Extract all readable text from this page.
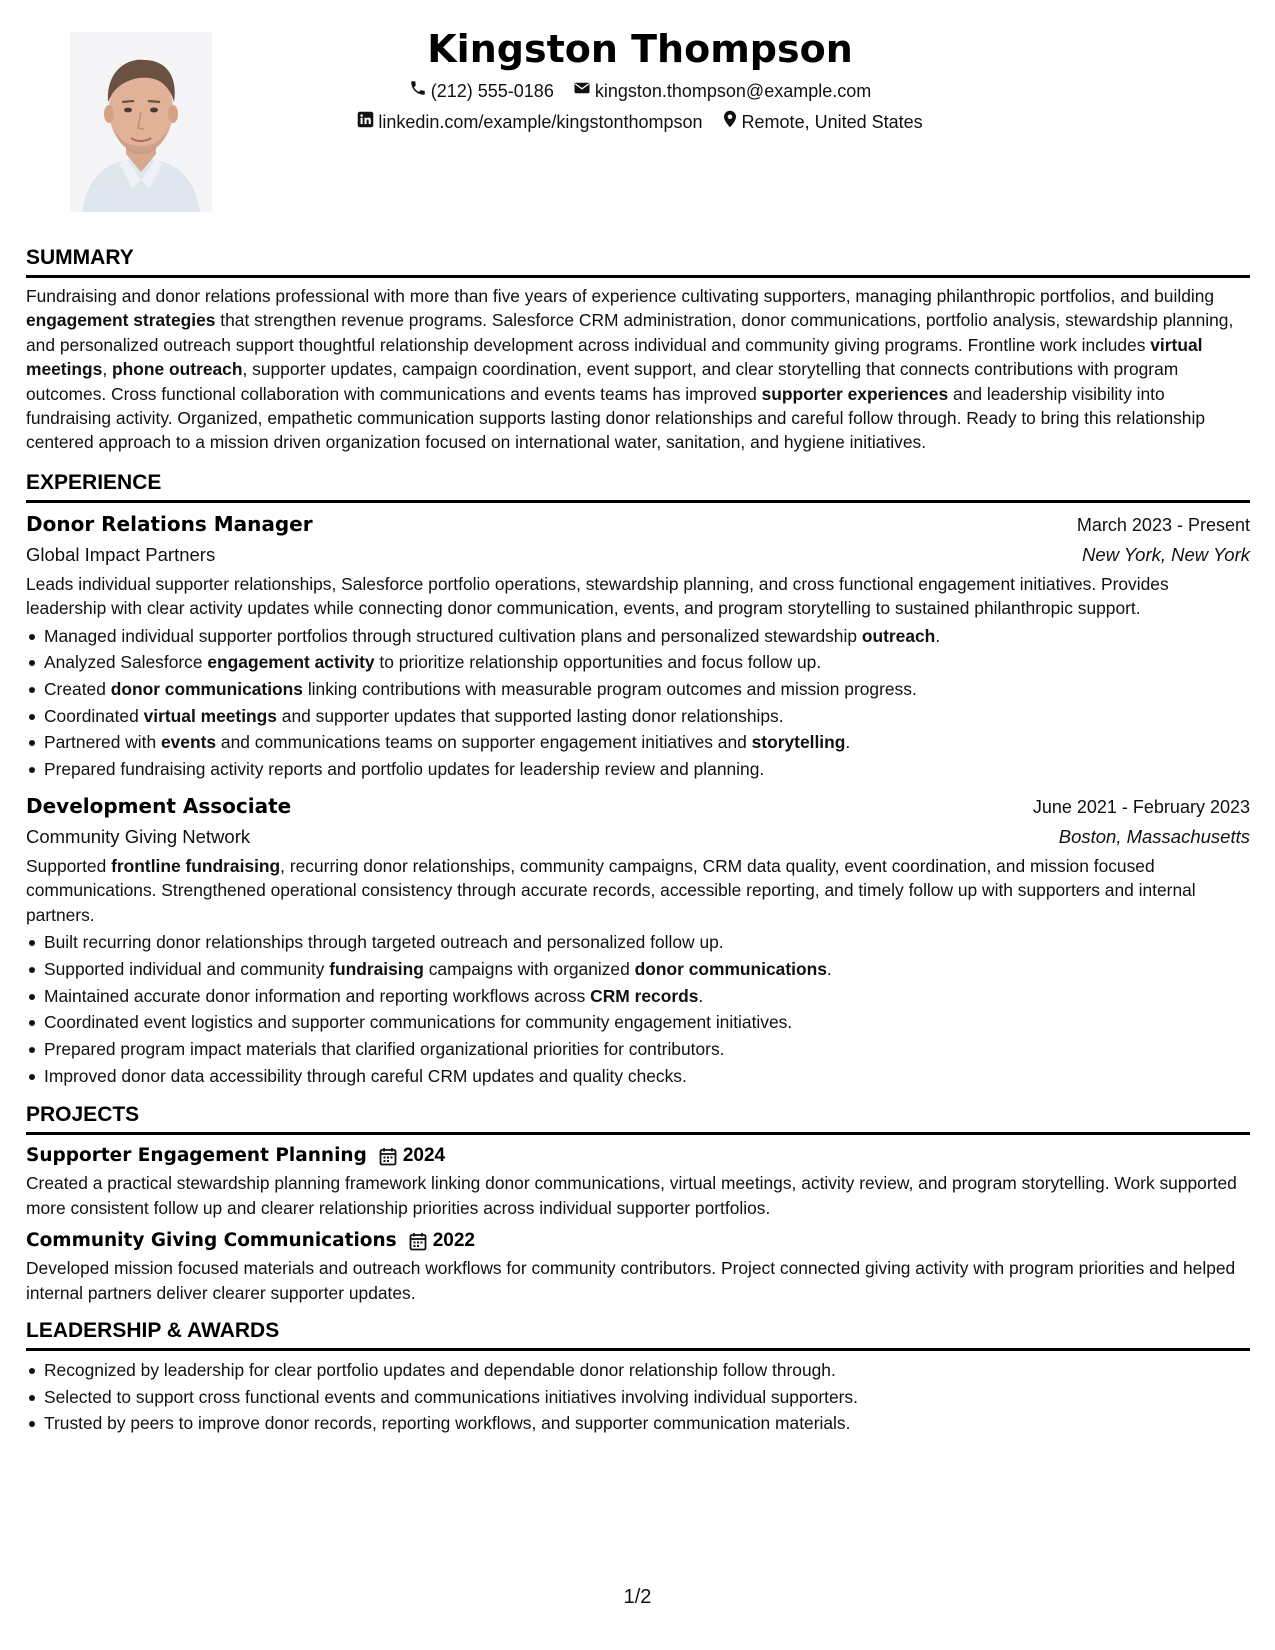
Kingston Thompson
(212) 555-0186
kingston.thompson@example.com
linkedin.com/example/kingstonthompson
Remote, United States
SUMMARY
Fundraising and donor relations professional with more than five years of experience cultivating supporters, managing philanthropic portfolios, and building engagement strategies that strengthen revenue programs. Salesforce CRM administration, donor communications, portfolio analysis, stewardship planning, and personalized outreach support thoughtful relationship development across individual and community giving programs. Frontline work includes virtual meetings, phone outreach, supporter updates, campaign coordination, event support, and clear storytelling that connects contributions with program outcomes. Cross functional collaboration with communications and events teams has improved supporter experiences and leadership visibility into fundraising activity. Organized, empathetic communication supports lasting donor relationships and careful follow through. Ready to bring this relationship centered approach to a mission driven organization focused on international water, sanitation, and hygiene initiatives.
EXPERIENCE
Donor Relations Manager	March 2023 - Present
Global Impact Partners	New York, New York
Leads individual supporter relationships, Salesforce portfolio operations, stewardship planning, and cross functional engagement initiatives. Provides leadership with clear activity updates while connecting donor communication, events, and program storytelling to sustained philanthropic support.
Managed individual supporter portfolios through structured cultivation plans and personalized stewardship outreach.
Analyzed Salesforce engagement activity to prioritize relationship opportunities and focus follow up.
Created donor communications linking contributions with measurable program outcomes and mission progress.
Coordinated virtual meetings and supporter updates that supported lasting donor relationships.
Partnered with events and communications teams on supporter engagement initiatives and storytelling.
Prepared fundraising activity reports and portfolio updates for leadership review and planning.
Development Associate	June 2021 - February 2023
Community Giving Network	Boston, Massachusetts
Supported frontline fundraising, recurring donor relationships, community campaigns, CRM data quality, event coordination, and mission focused communications. Strengthened operational consistency through accurate records, accessible reporting, and timely follow up with supporters and internal partners.
Built recurring donor relationships through targeted outreach and personalized follow up.
Supported individual and community fundraising campaigns with organized donor communications.
Maintained accurate donor information and reporting workflows across CRM records.
Coordinated event logistics and supporter communications for community engagement initiatives.
Prepared program impact materials that clarified organizational priorities for contributors.
Improved donor data accessibility through careful CRM updates and quality checks.
PROJECTS
Supporter Engagement Planning 2024
Created a practical stewardship planning framework linking donor communications, virtual meetings, activity review, and program storytelling. Work supported more consistent follow up and clearer relationship priorities across individual supporter portfolios.
Community Giving Communications 2022
Developed mission focused materials and outreach workflows for community contributors. Project connected giving activity with program priorities and helped internal partners deliver clearer supporter updates.
LEADERSHIP & AWARDS
Recognized by leadership for clear portfolio updates and dependable donor relationship follow through.
Selected to support cross functional events and communications initiatives involving individual supporters.
Trusted by peers to improve donor records, reporting workflows, and supporter communication materials.
1/2
